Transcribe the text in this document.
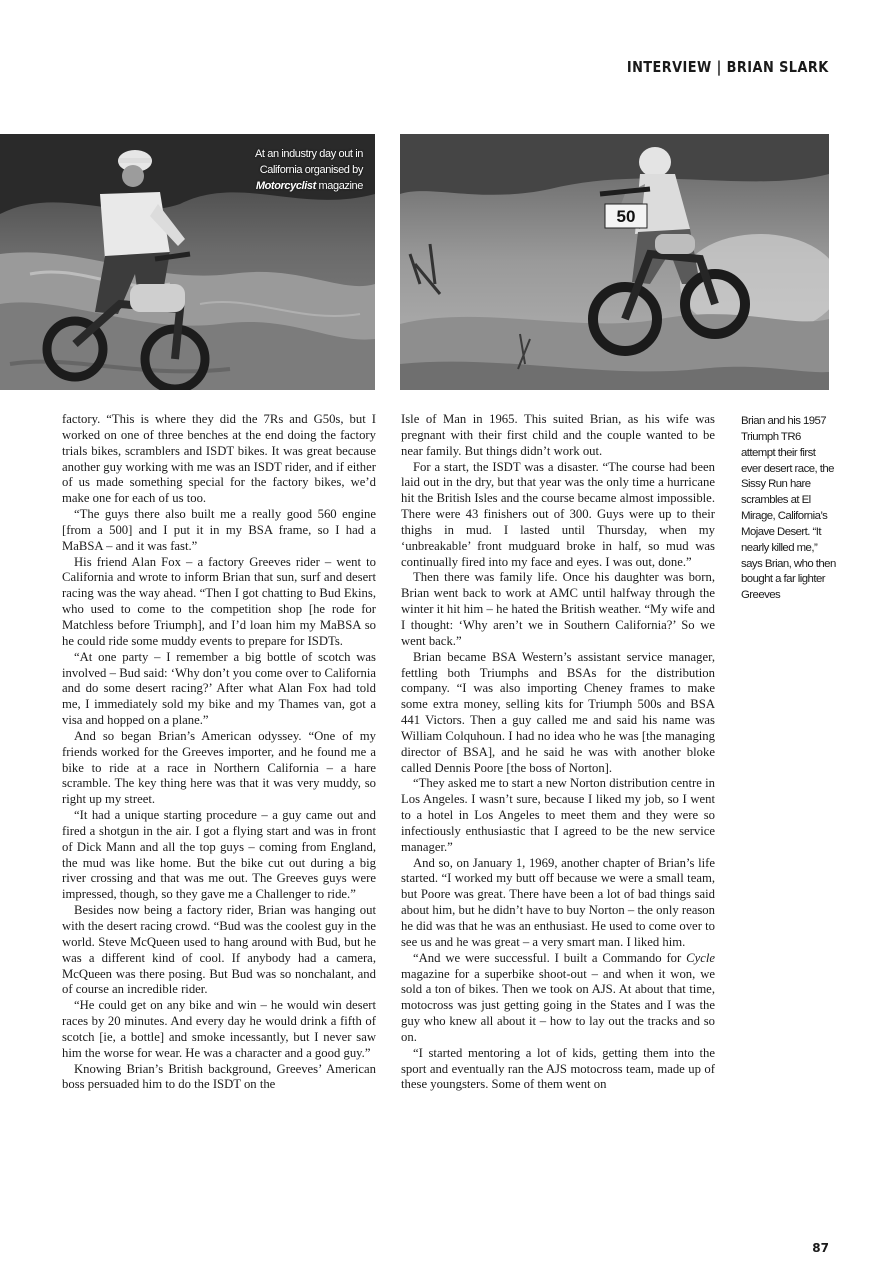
INTERVIEW | BRIAN SLARK
At an industry day out in
California organised by
Motorcyclist magazine
50

factory. “This is where they did the 7Rs and G50s, but I worked on one of three benches at the end doing the factory trials bikes, scramblers and ISDT bikes. It was great because another guy working with me was an ISDT rider, and if either of us made something special for the factory bikes, we’d make one for each of us too.

“The guys there also built me a really good 560 engine [from a 500] and I put it in my BSA frame, so I had a MaBSA – and it was fast.”

His friend Alan Fox – a factory Greeves rider – went to California and wrote to inform Brian that sun, surf and desert racing was the way ahead. “Then I got chatting to Bud Ekins, who used to come to the competition shop [he rode for Matchless before Triumph], and I’d loan him my MaBSA so he could ride some muddy events to prepare for ISDTs.

“At one party – I remember a big bottle of scotch was involved – Bud said: ‘Why don’t you come over to California and do some desert racing?’ After what Alan Fox had told me, I immediately sold my bike and my Thames van, got a visa and hopped on a plane.”

And so began Brian’s American odyssey. “One of my friends worked for the Greeves importer, and he found me a bike to ride at a race in Northern California – a hare scramble. The key thing here was that it was very muddy, so right up my street.

“It had a unique starting procedure – a guy came out and fired a shotgun in the air. I got a flying start and was in front of Dick Mann and all the top guys – coming from England, the mud was like home. But the bike cut out during a big river crossing and that was me out. The Greeves guys were impressed, though, so they gave me a Challenger to ride.”

Besides now being a factory rider, Brian was hanging out with the desert racing crowd. “Bud was the coolest guy in the world. Steve McQueen used to hang around with Bud, but he was a different kind of cool. If anybody had a camera, McQueen was there posing. But Bud was so nonchalant, and of course an incredible rider.

“He could get on any bike and win – he would win desert races by 20 minutes. And every day he would drink a fifth of scotch [ie, a bottle] and smoke incessantly, but I never saw him the worse for wear. He was a character and a good guy.”

Knowing Brian’s British background, Greeves’ American boss persuaded him to do the ISDT on the

Isle of Man in 1965. This suited Brian, as his wife was pregnant with their first child and the couple wanted to be near family. But things didn’t work out.

For a start, the ISDT was a disaster. “The course had been laid out in the dry, but that year was the only time a hurricane hit the British Isles and the course became almost impossible. There were 43 finishers out of 300. Guys were up to their thighs in mud. I lasted until Thursday, when my ‘unbreakable’ front mudguard broke in half, so mud was continually fired into my face and eyes. I was out, done.”

Then there was family life. Once his daughter was born, Brian went back to work at AMC until halfway through the winter it hit him – he hated the British weather. “My wife and I thought: ‘Why aren’t we in Southern California?’ So we went back.”

Brian became BSA Western’s assistant service manager, fettling both Triumphs and BSAs for the distribution company. “I was also importing Cheney frames to make some extra money, selling kits for Triumph 500s and BSA 441 Victors. Then a guy called me and said his name was William Colquhoun. I had no idea who he was [the managing director of BSA], and he said he was with another bloke called Dennis Poore [the boss of Norton].

“They asked me to start a new Norton distribution centre in Los Angeles. I wasn’t sure, because I liked my job, so I went to a hotel in Los Angeles to meet them and they were so infectiously enthusiastic that I agreed to be the new service manager.”

And so, on January 1, 1969, another chapter of Brian’s life started. “I worked my butt off because we were a small team, but Poore was great. There have been a lot of bad things said about him, but he didn’t have to buy Norton – the only reason he did was that he was an enthusiast. He used to come over to see us and he was great – a very smart man. I liked him.

“And we were successful. I built a Commando for Cycle magazine for a superbike shoot-out – and when it won, we sold a ton of bikes. Then we took on AJS. At about that time, motocross was just getting going in the States and I was the guy who knew all about it – how to lay out the tracks and so on.

“I started mentoring a lot of kids, getting them into the sport and eventually ran the AJS motocross team, made up of these youngsters. Some of them went on

Brian and his 1957 Triumph TR6 attempt their first ever desert race, the Sissy Run hare scrambles at El Mirage, California’s Mojave Desert. “It nearly killed me,” says Brian, who then bought a far lighter Greeves
87
